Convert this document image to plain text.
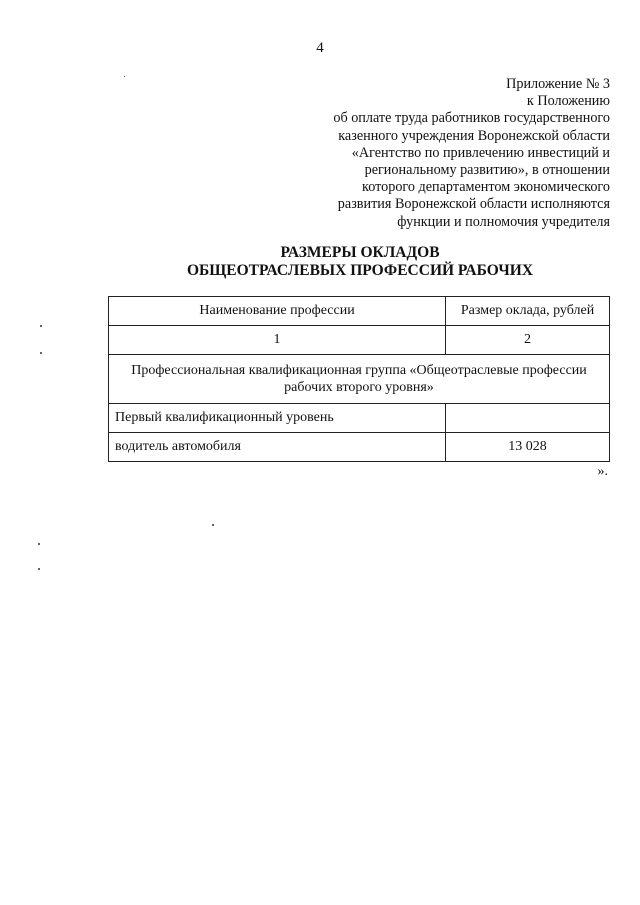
4
Приложение № 3
к Положению
об оплате труда работников государственного
казенного учреждения Воронежской области
«Агентство по привлечению инвестиций и
региональному развитию», в отношении
которого департаментом экономического
развития Воронежской области исполняются
функции и полномочия учредителя
РАЗМЕРЫ ОКЛАДОВ
ОБЩЕОТРАСЛЕВЫХ ПРОФЕССИЙ РАБОЧИХ
Наименование профессии	Размер оклада, рублей
1	2

Профессиональная квалификационная группа «Общеотраслевые профессии
рабочих второго уровня»	

Первый квалификационный уровень	
водитель автомобиля	13 028
».
